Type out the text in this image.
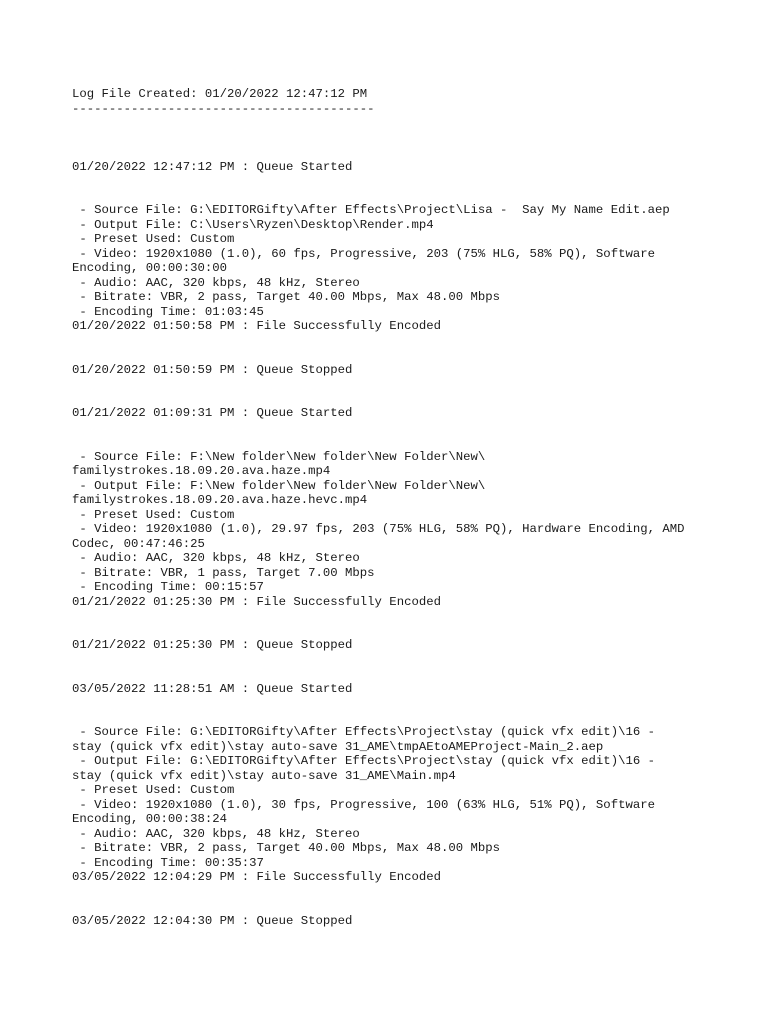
Log File Created: 01/20/2022 12:47:12 PM
-----------------------------------------
01/20/2022 12:47:12 PM : Queue Started
- Source File: G:\EDITORGifty\After Effects\Project\Lisa -  Say My Name Edit.aep
- Output File: C:\Users\Ryzen\Desktop\Render.mp4
- Preset Used: Custom
- Video: 1920x1080 (1.0), 60 fps, Progressive, 203 (75% HLG, 58% PQ), Software
Encoding, 00:00:30:00
- Audio: AAC, 320 kbps, 48 kHz, Stereo
- Bitrate: VBR, 2 pass, Target 40.00 Mbps, Max 48.00 Mbps
- Encoding Time: 01:03:45
01/20/2022 01:50:58 PM : File Successfully Encoded
01/20/2022 01:50:59 PM : Queue Stopped
01/21/2022 01:09:31 PM : Queue Started
- Source File: F:\New folder\New folder\New Folder\New\
familystrokes.18.09.20.ava.haze.mp4
- Output File: F:\New folder\New folder\New Folder\New\
familystrokes.18.09.20.ava.haze.hevc.mp4
- Preset Used: Custom
- Video: 1920x1080 (1.0), 29.97 fps, 203 (75% HLG, 58% PQ), Hardware Encoding, AMD
Codec, 00:47:46:25
- Audio: AAC, 320 kbps, 48 kHz, Stereo
- Bitrate: VBR, 1 pass, Target 7.00 Mbps
- Encoding Time: 00:15:57
01/21/2022 01:25:30 PM : File Successfully Encoded
01/21/2022 01:25:30 PM : Queue Stopped
03/05/2022 11:28:51 AM : Queue Started
- Source File: G:\EDITORGifty\After Effects\Project\stay (quick vfx edit)\16 -
stay (quick vfx edit)\stay auto-save 31_AME\tmpAEtoAMEProject-Main_2.aep
- Output File: G:\EDITORGifty\After Effects\Project\stay (quick vfx edit)\16 -
stay (quick vfx edit)\stay auto-save 31_AME\Main.mp4
- Preset Used: Custom
- Video: 1920x1080 (1.0), 30 fps, Progressive, 100 (63% HLG, 51% PQ), Software
Encoding, 00:00:38:24
- Audio: AAC, 320 kbps, 48 kHz, Stereo
- Bitrate: VBR, 2 pass, Target 40.00 Mbps, Max 48.00 Mbps
- Encoding Time: 00:35:37
03/05/2022 12:04:29 PM : File Successfully Encoded
03/05/2022 12:04:30 PM : Queue Stopped
